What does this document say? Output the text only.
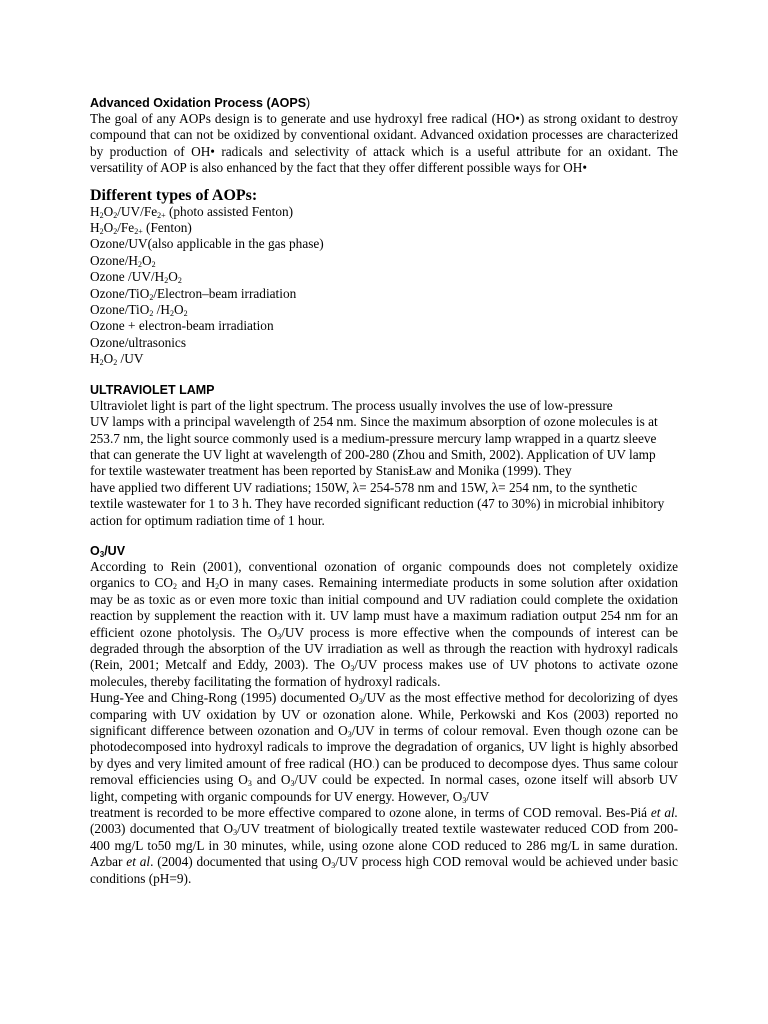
Advanced Oxidation Process (AOPS)

The goal of any AOPs design is to generate and use hydroxyl free radical (HO•) as strong oxidant to destroy compound that can not be oxidized by conventional oxidant. Advanced oxidation processes are characterized by production of OH• radicals and selectivity of attack which is a useful attribute for an oxidant. The versatility of AOP is also enhanced by the fact that they offer different possible ways for OH•

Different types of AOPs:
$H_2O_2/UV/Fe_{2+}$ (photo assisted Fenton)
$H_2O_2/Fe_{2+}$ (Fenton)
Ozone/UV(also applicable in the gas phase)
Ozone/$H_2O_2$
Ozone $/UV/H_2O_2$
Ozone/TiO$_2$/Electron–beam irradiation
Ozone/TiO$_2$ $/H_2O_2$
Ozone + electron-beam irradiation
Ozone/ultrasonics
$H_2O_2$ /UV
ULTRAVIOLET LAMP
Ultraviolet light is part of the light spectrum. The process usually involves the use of low-pressure
UV lamps with a principal wavelength of 254 nm. Since the maximum absorption of ozone molecules is at
253.7 nm, the light source commonly used is a medium-pressure mercury lamp wrapped in a quartz sleeve
that can generate the UV light at wavelength of 200-280 (Zhou and Smith, 2002). Application of UV lamp
for textile wastewater treatment has been reported by StanisŁaw and Monika (1999). They
have applied two different UV radiations; 150W, λ= 254-578 nm and 15W, λ= 254 nm, to the synthetic
textile wastewater for 1 to 3 h. They have recorded significant reduction (47 to 30%) in microbial inhibitory
action for optimum radiation time of 1 hour.
$O_3/UV$

According to Rein (2001), conventional ozonation of organic compounds does not completely oxidize organics to $CO_2$ and $H_2O$ in many cases. Remaining intermediate products in some solution after oxidation may be as toxic as or even more toxic than initial compound and UV radiation could complete the oxidation reaction by supplement the reaction with it. UV lamp must have a maximum radiation output 254 nm for an efficient ozone photolysis. The $O_3/UV$ process is more effective when the compounds of interest can be degraded through the absorption of the UV irradiation as well as through the reaction with hydroxyl radicals (Rein, 2001; Metcalf and Eddy, 2003). The $O_3/UV$ process makes use of UV photons to activate ozone molecules, thereby facilitating the formation of hydroxyl radicals.

Hung-Yee and Ching-Rong (1995) documented $O_3/UV$ as the most effective method for decolorizing of dyes comparing with UV oxidation by UV or ozonation alone. While, Perkowski and Kos (2003) reported no significant difference between ozonation and $O_3/UV$ in terms of colour removal. Even though ozone can be photodecomposed into hydroxyl radicals to improve the degradation of organics, UV light is highly absorbed by dyes and very limited amount of free radical $(HO_\cdot)$ can be produced to decompose dyes. Thus same colour removal efficiencies using $O_3$ and $O_3/UV$ could be expected. In normal cases, ozone itself will absorb UV light, competing with organic compounds for UV energy. However, $O_3/UV$

treatment is recorded to be more effective compared to ozone alone, in terms of COD removal. Bes-Piá et al. (2003) documented that $O_3/UV$ treatment of biologically treated textile wastewater reduced COD from 200-400 mg/L to50 mg/L in 30 minutes, while, using ozone alone COD reduced to 286 mg/L in same duration. Azbar et al. (2004) documented that using $O_3/UV$ process high COD removal would be achieved under basic conditions (pH=9).
